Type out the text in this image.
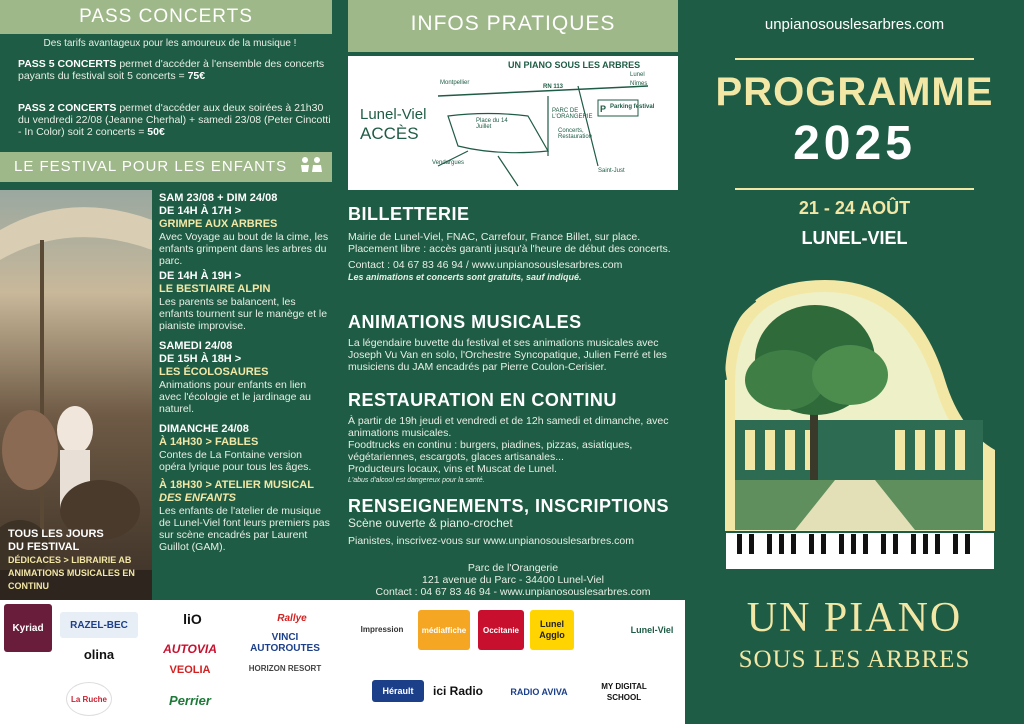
PASS CONCERTS
Des tarifs avantageux pour les amoureux de la musique !
PASS 5 CONCERTS permet d'accéder à l'ensemble des concerts payants du festival soit 5 concerts = 75€
PASS 2 CONCERTS permet d'accéder aux deux soirées à 21h30 du vendredi 22/08 (Jeanne Cherhal) + samedi 23/08 (Peter Cincotti - In Color) soit 2 concerts = 50€
LE FESTIVAL POUR LES ENFANTS
SAM 23/08 + DIM 24/08
DE 14H À 17H >
GRIMPE AUX ARBRES
Avec Voyage au bout de la cime, les enfants grimpent dans les arbres du parc.
DE 14H À 19H >
LE BESTIAIRE ALPIN
Les parents se balancent, les enfants tournent sur le manège et le pianiste improvise.
SAMEDI 24/08
DE 15H À 18H >
LES ÉCOLOSAURES
Animations pour enfants en lien avec l'écologie et le jardinage au naturel.
DIMANCHE 24/08
À 14H30 > FABLES
Contes de La Fontaine version opéra lyrique pour tous les âges.
À 18H30 > ATELIER MUSICAL
DES ENFANTS
Les enfants de l'atelier de musique de Lunel-Viel font leurs premiers pas sur scène encadrés par Laurent Guillot (GAM).
TOUS LES JOURS
DU FESTIVAL
DÉDICACES > LIBRAIRIE AB
ANIMATIONS MUSICALES EN CONTINU
INFOS PRATIQUES
P
UN PIANO SOUS LES ARBRES
Lunel-Viel
ACCÈS
Montpellier
Lunel
Nîmes
RN 113
Place du 14 Juillet
PARC DE L'ORANGERIE
Parking festival
Vendargues
Saint-Just
Concerts, Restauration
BILLETTERIE
Mairie de Lunel-Viel, FNAC, Carrefour, France Billet, sur place.
Placement libre : accès garanti jusqu'à l'heure de début des concerts.
Contact : 04 67 83 46 94 / www.unpianosouslesarbres.com
Les animations et concerts sont gratuits, sauf indiqué.
ANIMATIONS MUSICALES
La légendaire buvette du festival et ses animations musicales avec Joseph Vu Van en solo, l'Orchestre Syncopatique, Julien Ferré et les musiciens du JAM encadrés par Pierre Coulon-Cerisier.
RESTAURATION EN CONTINU
À partir de 19h jeudi et vendredi et de 12h samedi et dimanche, avec animations musicales.
Foodtrucks en continu : burgers, piadines, pizzas, asiatiques, végétariennes, escargots, glaces artisanales...
Producteurs locaux, vins et Muscat de Lunel.
L'abus d'alcool est dangereux pour la santé.
RENSEIGNEMENTS, INSCRIPTIONS
Scène ouverte & piano-crochet
Pianistes, inscrivez-vous sur www.unpianosouslesarbres.com
Parc de l'Orangerie
121 avenue du Parc - 34400 Lunel-Viel
Contact : 04 67 83 46 94 - www.unpianosouslesarbres.com
unpianosouslesarbres.com
PROGRAMME
2025
21 - 24 AOÛT
LUNEL-VIEL
UN PIANO
SOUS LES ARBRES
Kyriad	RAZEL-BEC	liO	Rallye
Impression	médiaffiche	Occitanie
Lunel Agglo
Lunel-Viel
olina	AUTOVIA
VINCI AUTOROUTES
VEOLIA	HORIZON RESORT
Perrier
Hérault	ici Radio	RADIO AVIVA	MY DIGITAL SCHOOL
La Ruche
